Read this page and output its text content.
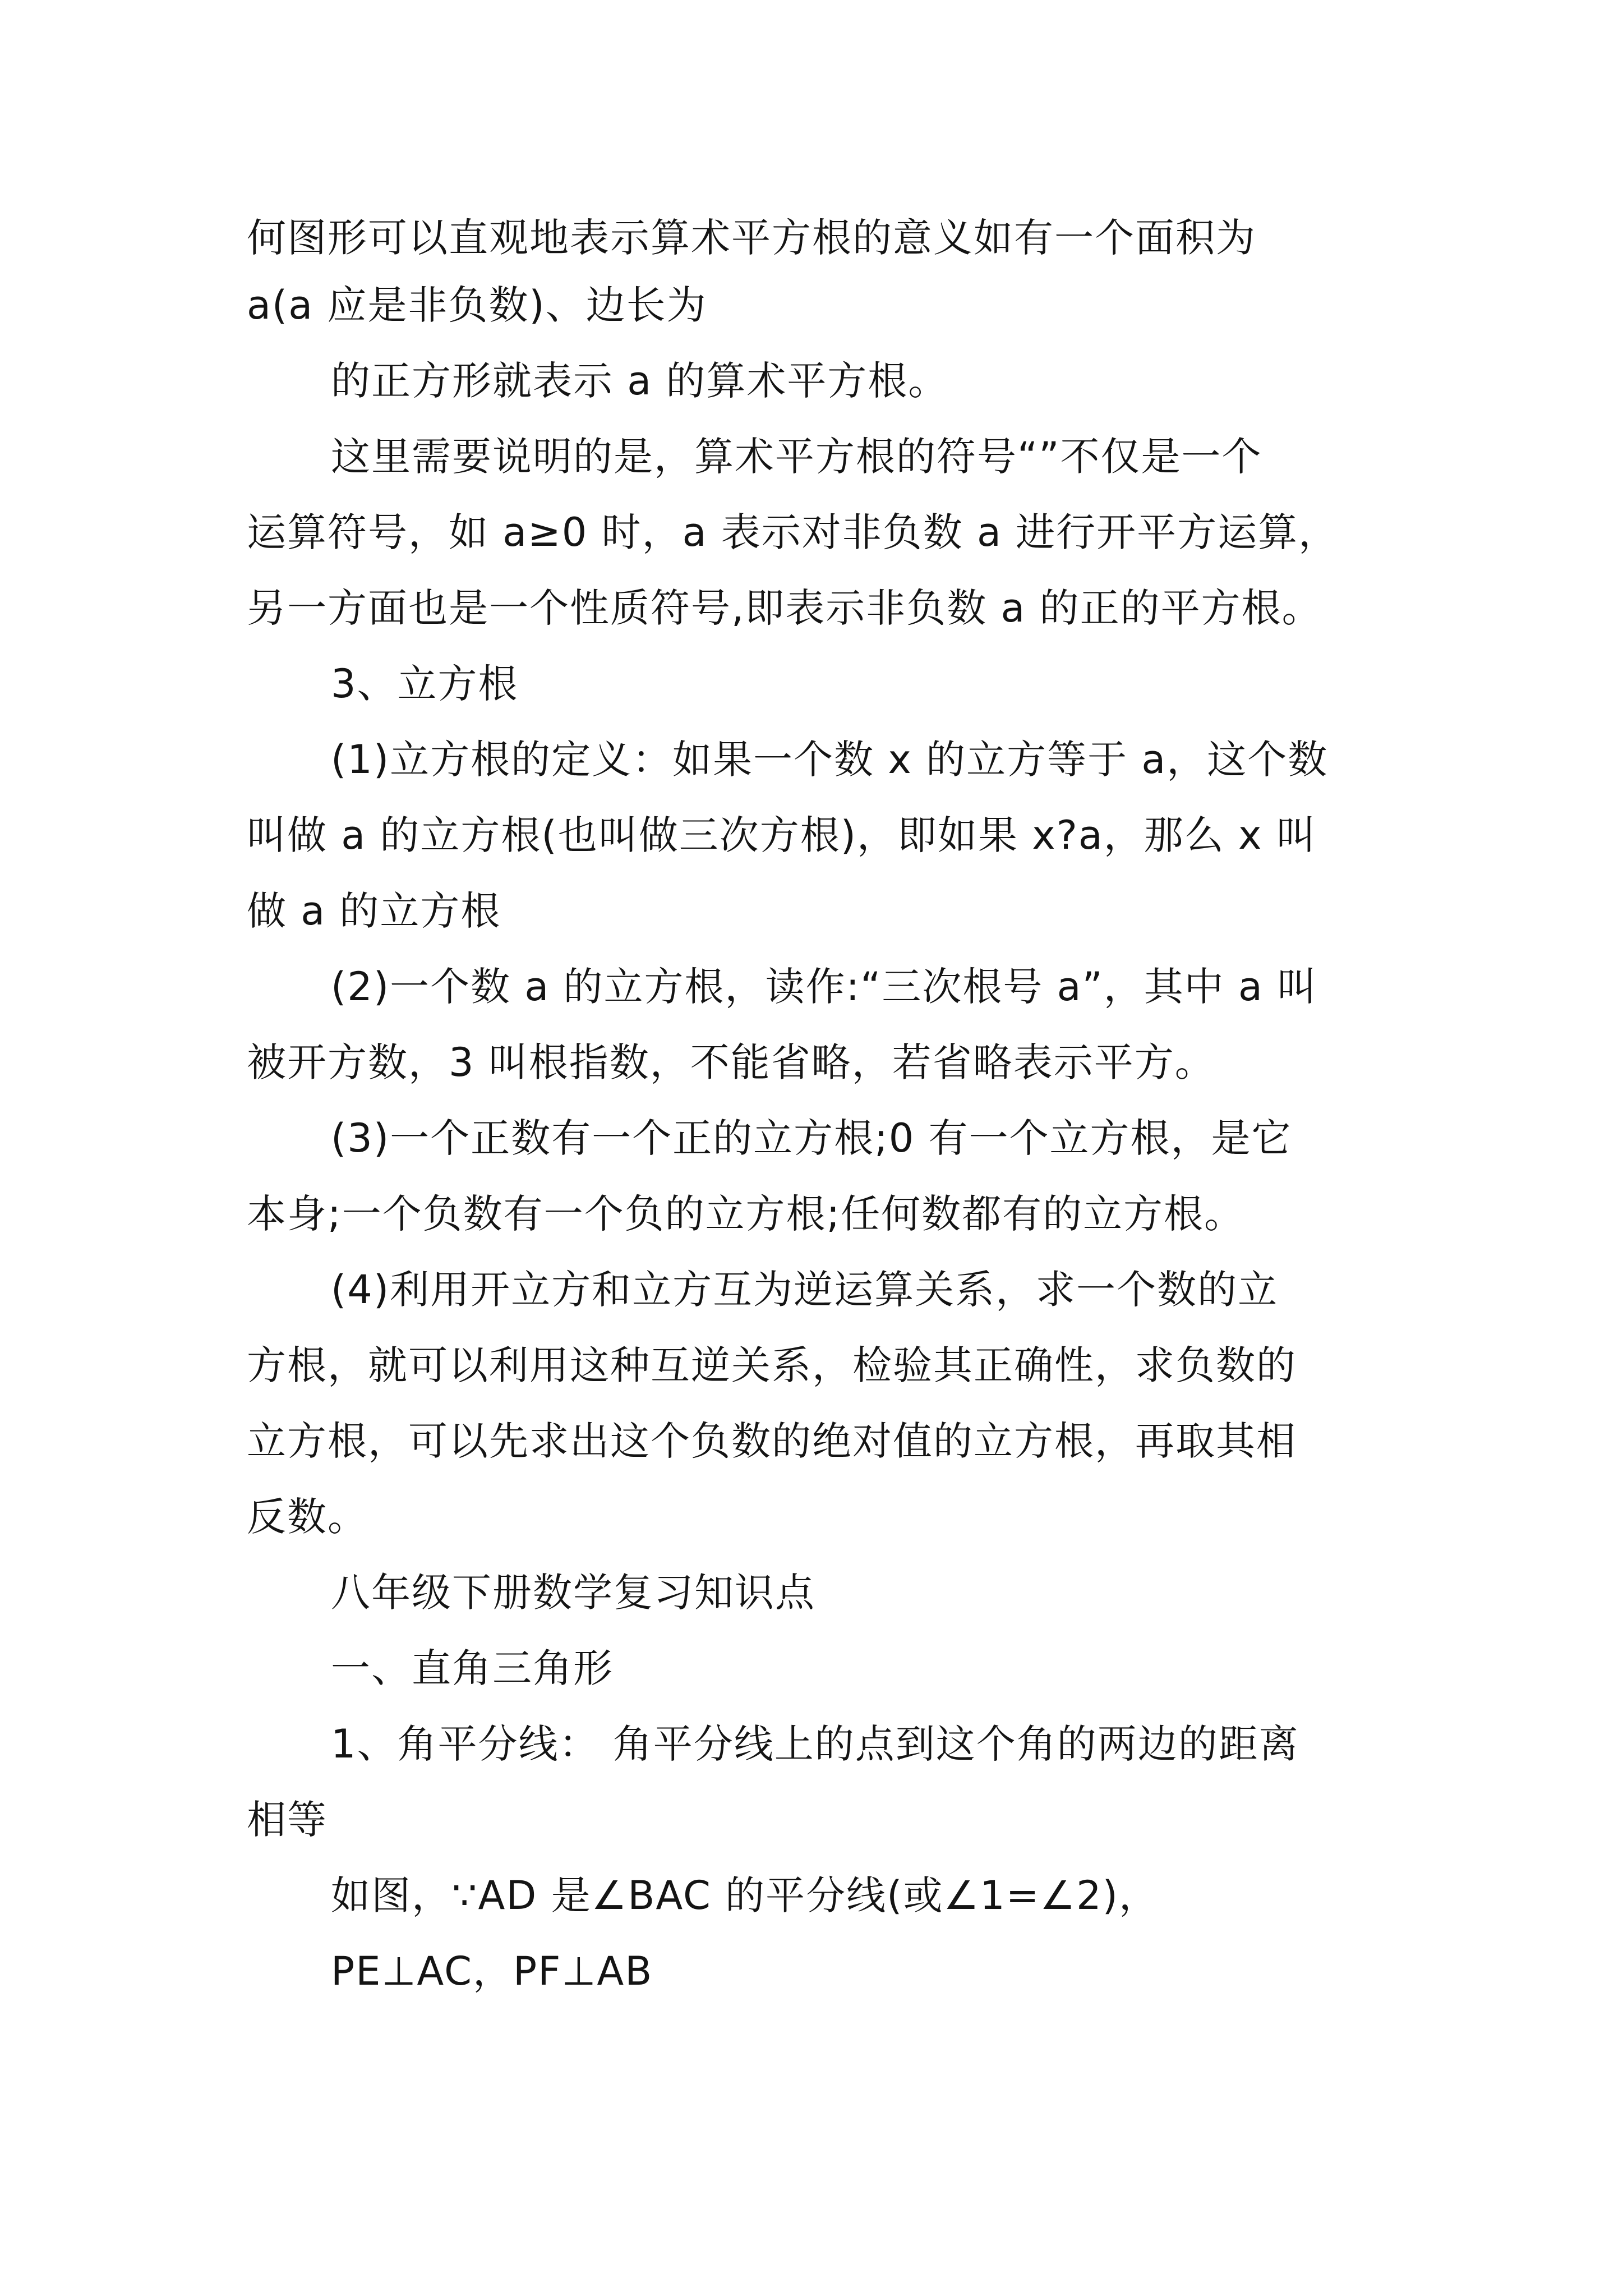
何图形可以直观地表示算术平方根的意义如有一个面积为
a(a 应是非负数)、边长为
的正方形就表示 a 的算术平方根。
这里需要说明的是，算术平方根的符号“”不仅是一个
运算符号，如 a≥0 时，a 表示对非负数 a 进行开平方运算，
另一方面也是一个性质符号,即表示非负数 a 的正的平方根。
3、立方根
(1)立方根的定义：如果一个数 x 的立方等于 a，这个数
叫做 a 的立方根(也叫做三次方根)，即如果 x?a，那么 x 叫
做 a 的立方根
(2)一个数 a 的立方根，读作:“三次根号 a”，其中 a 叫
被开方数，3 叫根指数，不能省略，若省略表示平方。
(3)一个正数有一个正的立方根;0 有一个立方根，是它
本身;一个负数有一个负的立方根;任何数都有的立方根。
(4)利用开立方和立方互为逆运算关系，求一个数的立
方根，就可以利用这种互逆关系，检验其正确性，求负数的
立方根，可以先求出这个负数的绝对值的立方根，再取其相
反数。
八年级下册数学复习知识点
一、直角三角形
1、角平分线： 角平分线上的点到这个角的两边的距离
相等
如图，∵AD 是∠BAC 的平分线(或∠1=∠2)，
PE⊥AC，PF⊥AB
